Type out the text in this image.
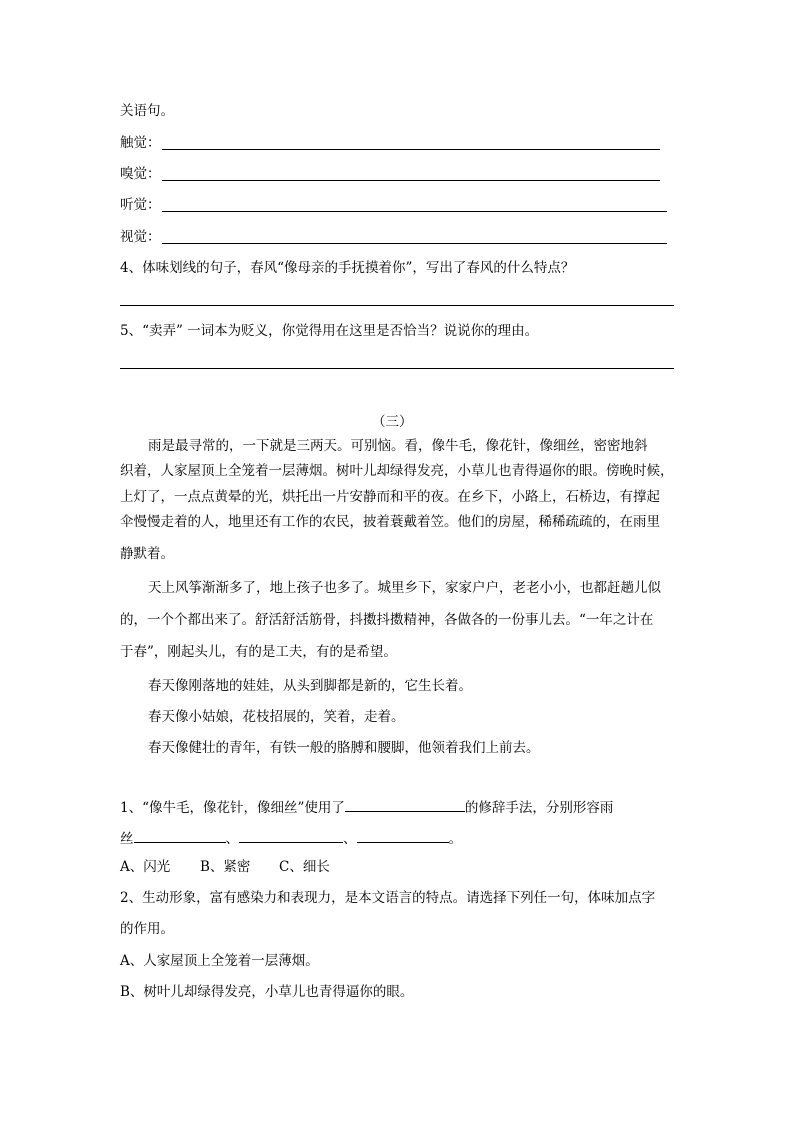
关语句。
触觉：
嗅觉：
听觉：
视觉：
4、体味划线的句子，春风“像母亲的手抚摸着你”，写出了春风的什么特点？
5、“卖弄” 一词本为贬义，你觉得用在这里是否恰当？说说你的理由。
（三）
雨是最寻常的，一下就是三两天。可别恼。看，像牛毛，像花针，像细丝，密密地斜
织着，人家屋顶上全笼着一层薄烟。树叶儿却绿得发亮，小草儿也青得逼你的眼。傍晚时候，
上灯了，一点点黄晕的光，烘托出一片安静而和平的夜。在乡下，小路上，石桥边，有撑起
伞慢慢走着的人，地里还有工作的农民，披着蓑戴着笠。他们的房屋，稀稀疏疏的，在雨里
静默着。
天上风筝渐渐多了，地上孩子也多了。城里乡下，家家户户，老老小小，也都赶趟儿似
的，一个个都出来了。舒活舒活筋骨，抖擞抖擞精神，各做各的一份事儿去。“一年之计在
于春”，刚起头儿，有的是工夫，有的是希望。
春天像刚落地的娃娃，从头到脚都是新的，它生长着。
春天像小姑娘，花枝招展的，笑着，走着。
春天像健壮的青年，有铁一般的胳膊和腰脚，他领着我们上前去。
1、“像牛毛，像花针，像细丝”使用了	的修辞手法，分别形容雨
丝	、	、	。
A、闪光 B、紧密 C、细长
2、生动形象，富有感染力和表现力，是本文语言的特点。请选择下列任一句，体味加点字
的作用。
A、人家屋顶上全笼着一层薄烟。
B、树叶儿却绿得发亮，小草儿也青得逼你的眼。
